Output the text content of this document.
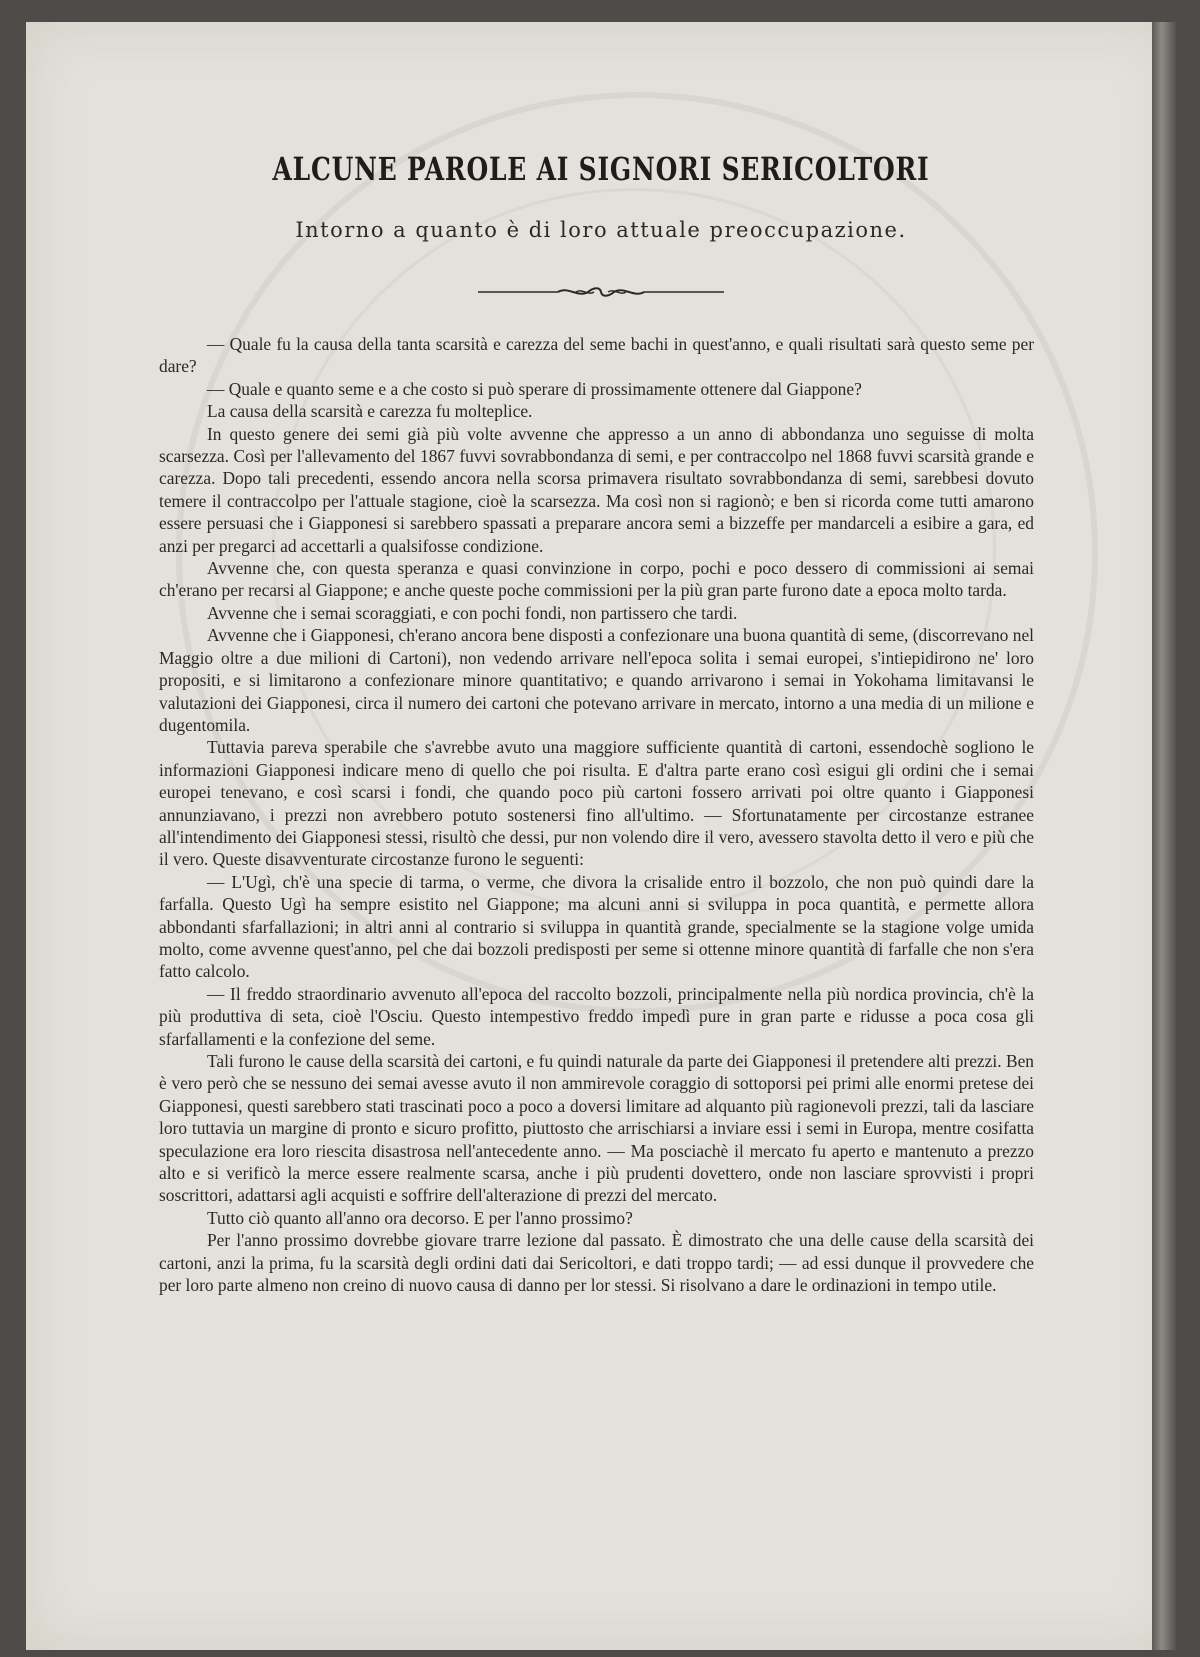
ALCUNE PAROLE AI SIGNORI SERICOLTORI
Intorno a quanto è di loro attuale preoccupazione.

— Quale fu la causa della tanta scarsità e carezza del seme bachi in quest'anno, e quali risultati sarà questo seme per dare?

— Quale e quanto seme e a che costo si può sperare di prossimamente ottenere dal Giappone?

La causa della scarsità e carezza fu molteplice.

In questo genere dei semi già più volte avvenne che appresso a un anno di abbondanza uno seguisse di molta scarsezza. Così per l'allevamento del 1867 fuvvi sovrabbondanza di semi, e per contraccolpo nel 1868 fuvvi scarsità grande e carezza. Dopo tali precedenti, essendo ancora nella scorsa primavera risultato sovrabbondanza di semi, sarebbesi dovuto temere il contraccolpo per l'attuale stagione, cioè la scarsezza. Ma così non si ragionò; e ben si ricorda come tutti amarono essere persuasi che i Giapponesi si sarebbero spassati a preparare ancora semi a bizzeffe per mandarceli a esibire a gara, ed anzi per pregarci ad accettarli a qualsifosse condizione.

Avvenne che, con questa speranza e quasi convinzione in corpo, pochi e poco dessero di commissioni ai semai ch'erano per recarsi al Giappone; e anche queste poche commissioni per la più gran parte furono date a epoca molto tarda.

Avvenne che i semai scoraggiati, e con pochi fondi, non partissero che tardi.

Avvenne che i Giapponesi, ch'erano ancora bene disposti a confezionare una buona quantità di seme, (discorrevano nel Maggio oltre a due milioni di Cartoni), non vedendo arrivare nell'epoca solita i semai europei, s'intiepidirono ne' loro propositi, e si limitarono a confezionare minore quantitativo; e quando arrivarono i semai in Yokohama limitavansi le valutazioni dei Giapponesi, circa il numero dei cartoni che potevano arrivare in mercato, intorno a una media di un milione e dugentomila.

Tuttavia pareva sperabile che s'avrebbe avuto una maggiore sufficiente quantità di cartoni, essendochè sogliono le informazioni Giapponesi indicare meno di quello che poi risulta. E d'altra parte erano così esigui gli ordini che i semai europei tenevano, e così scarsi i fondi, che quando poco più cartoni fossero arrivati poi oltre quanto i Giapponesi annunziavano, i prezzi non avrebbero potuto sostenersi fino all'ultimo. — Sfortunatamente per circostanze estranee all'intendimento dei Giapponesi stessi, risultò che dessi, pur non volendo dire il vero, avessero stavolta detto il vero e più che il vero. Queste disavventurate circostanze furono le seguenti:

— L'Ugì, ch'è una specie di tarma, o verme, che divora la crisalide entro il bozzolo, che non può quindi dare la farfalla. Questo Ugì ha sempre esistito nel Giappone; ma alcuni anni si sviluppa in poca quantità, e permette allora abbondanti sfarfallazioni; in altri anni al contrario si sviluppa in quantità grande, specialmente se la stagione volge umida molto, come avvenne quest'anno, pel che dai bozzoli predisposti per seme si ottenne minore quantità di farfalle che non s'era fatto calcolo.

— Il freddo straordinario avvenuto all'epoca del raccolto bozzoli, principalmente nella più nordica provincia, ch'è la più produttiva di seta, cioè l'Osciu. Questo intempestivo freddo impedì pure in gran parte e ridusse a poca cosa gli sfarfallamenti e la confezione del seme.

Tali furono le cause della scarsità dei cartoni, e fu quindi naturale da parte dei Giapponesi il pretendere alti prezzi. Ben è vero però che se nessuno dei semai avesse avuto il non ammirevole coraggio di sottoporsi pei primi alle enormi pretese dei Giapponesi, questi sarebbero stati trascinati poco a poco a doversi limitare ad alquanto più ragionevoli prezzi, tali da lasciare loro tuttavia un margine di pronto e sicuro profitto, piuttosto che arrischiarsi a inviare essi i semi in Europa, mentre cosifatta speculazione era loro riescita disastrosa nell'antecedente anno. — Ma posciachè il mercato fu aperto e mantenuto a prezzo alto e si verificò la merce essere realmente scarsa, anche i più prudenti dovettero, onde non lasciare sprovvisti i propri soscrittori, adattarsi agli acquisti e soffrire dell'alterazione di prezzi del mercato.

Tutto ciò quanto all'anno ora decorso. E per l'anno prossimo?

Per l'anno prossimo dovrebbe giovare trarre lezione dal passato. È dimostrato che una delle cause della scarsità dei cartoni, anzi la prima, fu la scarsità degli ordini dati dai Sericoltori, e dati troppo tardi; — ad essi dunque il provvedere che per loro parte almeno non creino di nuovo causa di danno per lor stessi. Si risolvano a dare le ordinazioni in tempo utile.
